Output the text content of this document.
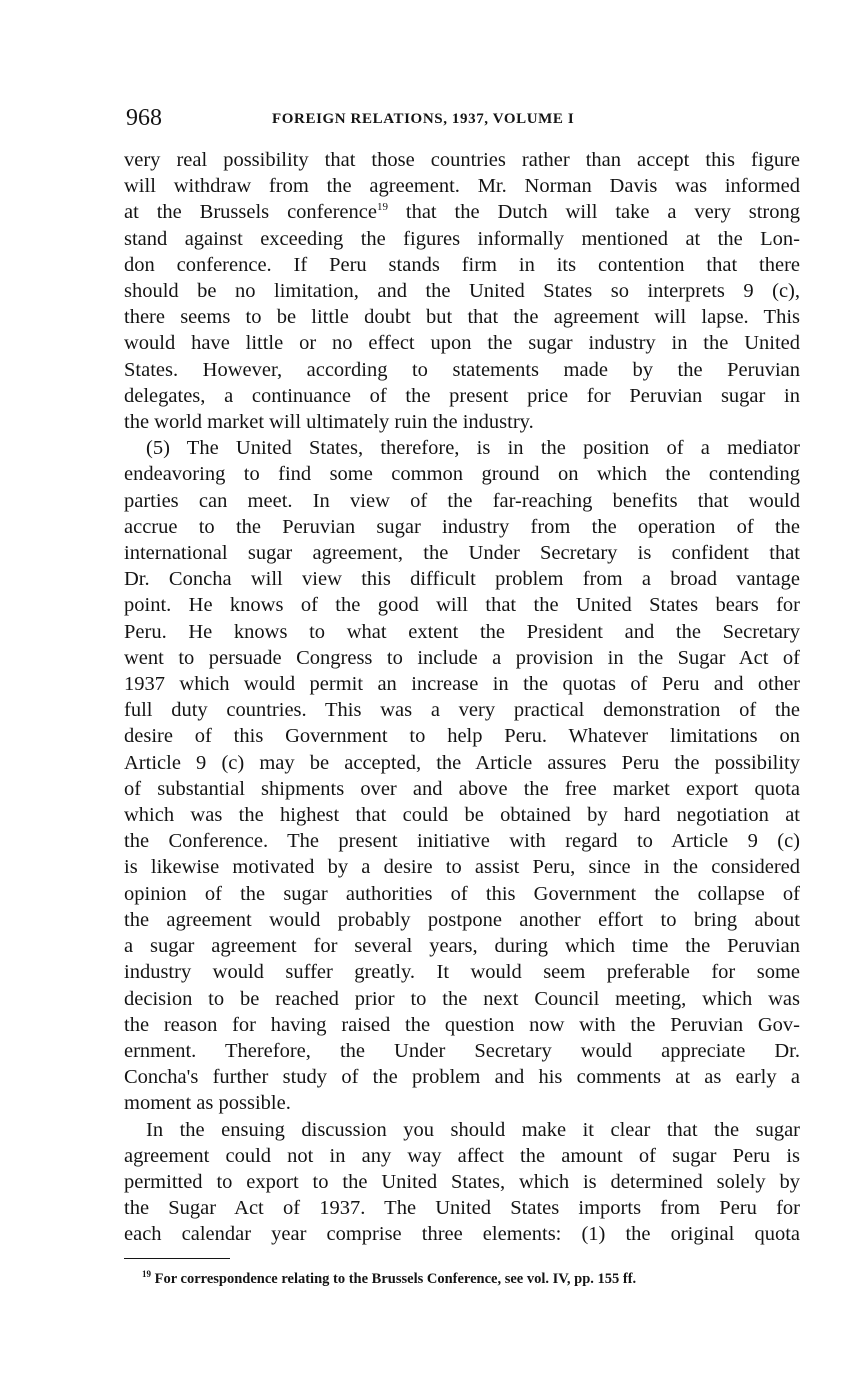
968	FOREIGN RELATIONS, 1937, VOLUME I
very real possibility that those countries rather than accept this figure
will withdraw from the agreement. Mr. Norman Davis was informed
at the Brussels conference$^{19}$ that the Dutch will take a very strong
stand against exceeding the figures informally mentioned at the Lon-
don conference. If Peru stands firm in its contention that there
should be no limitation, and the United States so interprets 9 (c),
there seems to be little doubt but that the agreement will lapse. This
would have little or no effect upon the sugar industry in the United
States. However, according to statements made by the Peruvian
delegates, a continuance of the present price for Peruvian sugar in
the world market will ultimately ruin the industry.
(5) The United States, therefore, is in the position of a mediator
endeavoring to find some common ground on which the contending
parties can meet. In view of the far-reaching benefits that would
accrue to the Peruvian sugar industry from the operation of the
international sugar agreement, the Under Secretary is confident that
Dr. Concha will view this difficult problem from a broad vantage
point. He knows of the good will that the United States bears for
Peru. He knows to what extent the President and the Secretary
went to persuade Congress to include a provision in the Sugar Act of
1937 which would permit an increase in the quotas of Peru and other
full duty countries. This was a very practical demonstration of the
desire of this Government to help Peru. Whatever limitations on
Article 9 (c) may be accepted, the Article assures Peru the possibility
of substantial shipments over and above the free market export quota
which was the highest that could be obtained by hard negotiation at
the Conference. The present initiative with regard to Article 9 (c)
is likewise motivated by a desire to assist Peru, since in the considered
opinion of the sugar authorities of this Government the collapse of
the agreement would probably postpone another effort to bring about
a sugar agreement for several years, during which time the Peruvian
industry would suffer greatly. It would seem preferable for some
decision to be reached prior to the next Council meeting, which was
the reason for having raised the question now with the Peruvian Gov-
ernment. Therefore, the Under Secretary would appreciate Dr.
Concha's further study of the problem and his comments at as early a
moment as possible.
In the ensuing discussion you should make it clear that the sugar
agreement could not in any way affect the amount of sugar Peru is
permitted to export to the United States, which is determined solely by
the Sugar Act of 1937. The United States imports from Peru for
each calendar year comprise three elements: (1) the original quota
$^{19}$ For correspondence relating to the Brussels Conference, see vol. IV, pp. 155 ff.
